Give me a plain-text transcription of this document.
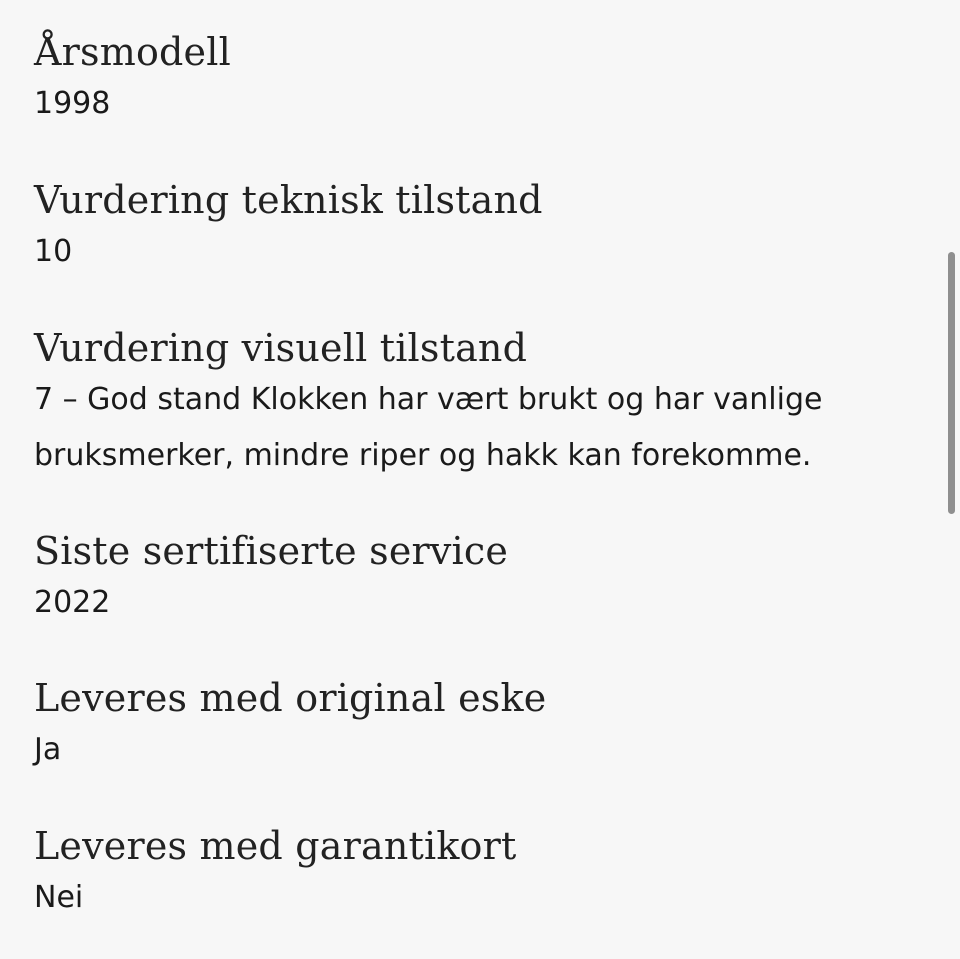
Årsmodell

1998

Vurdering teknisk tilstand

10

Vurdering visuell tilstand

7 – God stand Klokken har vært brukt og har vanlige bruksmerker, mindre riper og hakk kan forekomme.

Siste sertifiserte service

2022

Leveres med original eske

Ja

Leveres med garantikort

Nei
